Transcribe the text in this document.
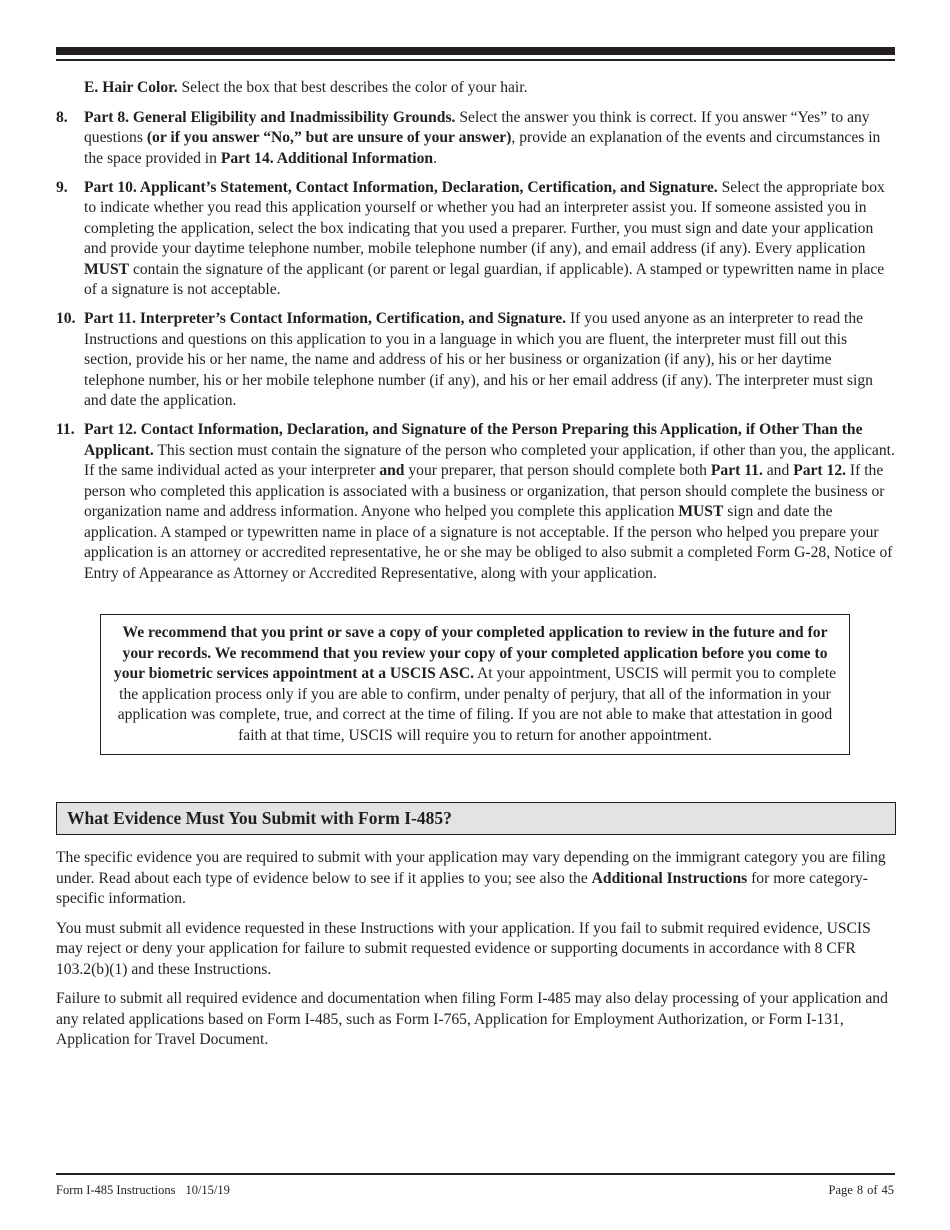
E. Hair Color. Select the box that best describes the color of your hair.

8.	Part 8. General Eligibility and Inadmissibility Grounds. Select the answer you think is correct. If you answer “Yes” to any questions (or if you answer “No,” but are unsure of your answer), provide an explanation of the events and circumstances in the space provided in Part 14. Additional Information.
9.	Part 10. Applicant’s Statement, Contact Information, Declaration, Certification, and Signature. Select the appropriate box to indicate whether you read this application yourself or whether you had an interpreter assist you. If someone assisted you in completing the application, select the box indicating that you used a preparer. Further, you must sign and date your application and provide your daytime telephone number, mobile telephone number (if any), and email address (if any). Every application MUST contain the signature of the applicant (or parent or legal guardian, if applicable). A stamped or typewritten name in place of a signature is not acceptable.
10. Part 11. Interpreter’s Contact Information, Certification, and Signature. If you used anyone as an interpreter to read the Instructions and questions on this application to you in a language in which you are fluent, the interpreter must fill out this section, provide his or her name, the name and address of his or her business or organization (if any), his or her daytime telephone number, his or her mobile telephone number (if any), and his or her email address (if any). The interpreter must sign and date the application.
11. Part 12. Contact Information, Declaration, and Signature of the Person Preparing this Application, if Other Than the Applicant. This section must contain the signature of the person who completed your application, if other than you, the applicant. If the same individual acted as your interpreter and your preparer, that person should complete both Part 11. and Part 12. If the person who completed this application is associated with a business or organization, that person should complete the business or organization name and address information. Anyone who helped you complete this application MUST sign and date the application. A stamped or typewritten name in place of a signature is not acceptable. If the person who helped you prepare your application is an attorney or accredited representative, he or she may be obliged to also submit a completed Form G-28, Notice of Entry of Appearance as Attorney or Accredited Representative, along with your application.
We recommend that you print or save a copy of your completed application to review in the future and for your records. We recommend that you review your copy of your completed application before you come to your biometric services appointment at a USCIS ASC. At your appointment, USCIS will permit you to complete the application process only if you are able to confirm, under penalty of perjury, that all of the information in your application was complete, true, and correct at the time of filing. If you are not able to make that attestation in good faith at that time, USCIS will require you to return for another appointment.
What Evidence Must You Submit with Form I-485?

The specific evidence you are required to submit with your application may vary depending on the immigrant category you are filing under. Read about each type of evidence below to see if it applies to you; see also the Additional Instructions for more category-specific information.

You must submit all evidence requested in these Instructions with your application. If you fail to submit required evidence, USCIS may reject or deny your application for failure to submit requested evidence or supporting documents in accordance with 8 CFR 103.2(b)(1) and these Instructions.

Failure to submit all required evidence and documentation when filing Form I-485 may also delay processing of your application and any related applications based on Form I-485, such as Form I-765, Application for Employment Authorization, or Form I-131, Application for Travel Document.

Form I-485 Instructions 10/15/19	Page 8 of 45
